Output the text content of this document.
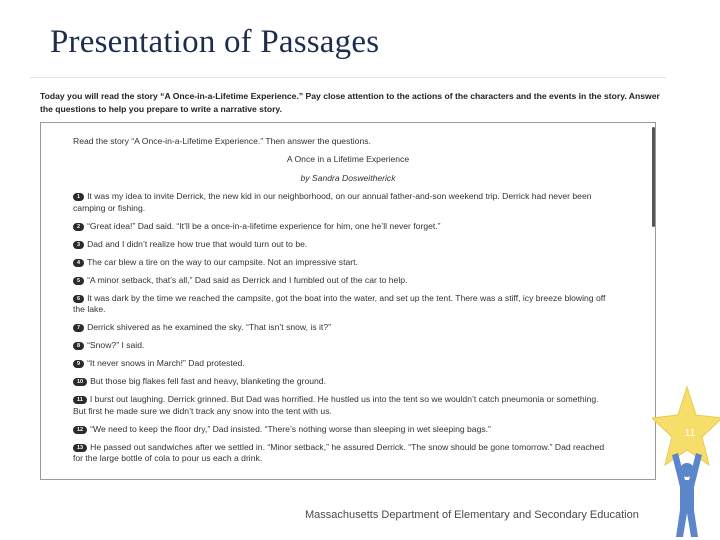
Presentation of Passages
Today you will read the story “A Once-in-a-Lifetime Experience.” Pay close attention to the actions of the characters and the events in the story. Answer the questions to help you prepare to write a narrative story.
Read the story “A Once-in-a-Lifetime Experience.” Then answer the questions.
A Once in a Lifetime Experience
by Sandra Dosweitherick
1 It was my idea to invite Derrick, the new kid in our neighborhood, on our annual father-and-son weekend trip. Derrick had never been camping or fishing.
2 “Great idea!” Dad said. “It’ll be a once-in-a-lifetime experience for him, one he’ll never forget.”
3 Dad and I didn’t realize how true that would turn out to be.
4 The car blew a tire on the way to our campsite. Not an impressive start.
5 “A minor setback, that’s all,” Dad said as Derrick and I fumbled out of the car to help.
6 It was dark by the time we reached the campsite, got the boat into the water, and set up the tent. There was a stiff, icy breeze blowing off the lake.
7 Derrick shivered as he examined the sky. “That isn’t snow, is it?”
8 “Snow?” I said.
9 “It never snows in March!” Dad protested.
10 But those big flakes fell fast and heavy, blanketing the ground.
11 I burst out laughing. Derrick grinned. But Dad was horrified. He hustled us into the tent so we wouldn’t catch pneumonia or something. But first he made sure we didn’t track any snow into the tent with us.
12 “We need to keep the floor dry,” Dad insisted. “There’s nothing worse than sleeping in wet sleeping bags.”
13 He passed out sandwiches after we settled in. “Minor setback,” he assured Derrick. “The snow should be gone tomorrow.” Dad reached for the large bottle of cola to pour us each a drink.
Massachusetts Department of Elementary and Secondary Education
11
